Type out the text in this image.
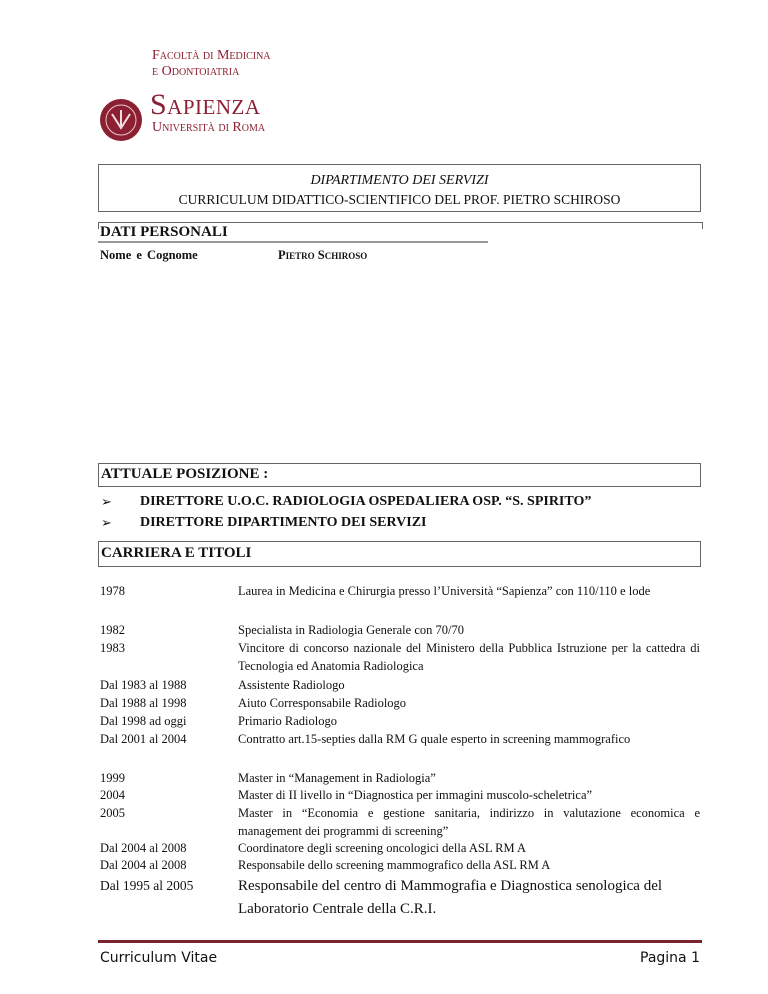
Facoltà di Medicina
e Odontoiatria
Sapienza
Università di Roma
DIPARTIMENTO DEI SERVIZI
CURRICULUM DIDATTICO-SCIENTIFICO DEL PROF. PIETRO SCHIROSO
DATI PERSONALI
Nome e Cognome	Pietro Schiroso
ATTUALE POSIZIONE :
➢ DIRETTORE U.O.C. RADIOLOGIA OSPEDALIERA OSP. “S. SPIRITO”
➢ DIRETTORE DIPARTIMENTO DEI SERVIZI
CARRIERA E TITOLI
1978	Laurea in Medicina e Chirurgia presso l’Università “Sapienza” con 110/110 e lode
1982	Specialista in Radiologia Generale con 70/70
1983	Vincitore di concorso nazionale del Ministero della Pubblica Istruzione per la cattedra di Tecnologia ed Anatomia Radiologica
Dal 1983 al 1988	Assistente Radiologo
Dal 1988 al 1998	Aiuto Corresponsabile Radiologo
Dal 1998 ad oggi	Primario Radiologo
Dal 2001 al 2004	Contratto art.15-septies dalla RM G quale esperto in screening mammografico
1999	Master in “Management in Radiologia”
2004	Master di II livello in “Diagnostica per immagini muscolo-scheletrica”
2005	Master in “Economia e gestione sanitaria, indirizzo in valutazione economica e management dei programmi di screening”
Dal 2004 al 2008	Coordinatore degli screening oncologici della ASL RM A
Dal 2004 al 2008	Responsabile dello screening mammografico della ASL RM A
Dal 1995 al 2005	Responsabile del centro di Mammografia e Diagnostica senologica del Laboratorio Centrale della C.R.I.
Curriculum Vitae	Pagina 1
